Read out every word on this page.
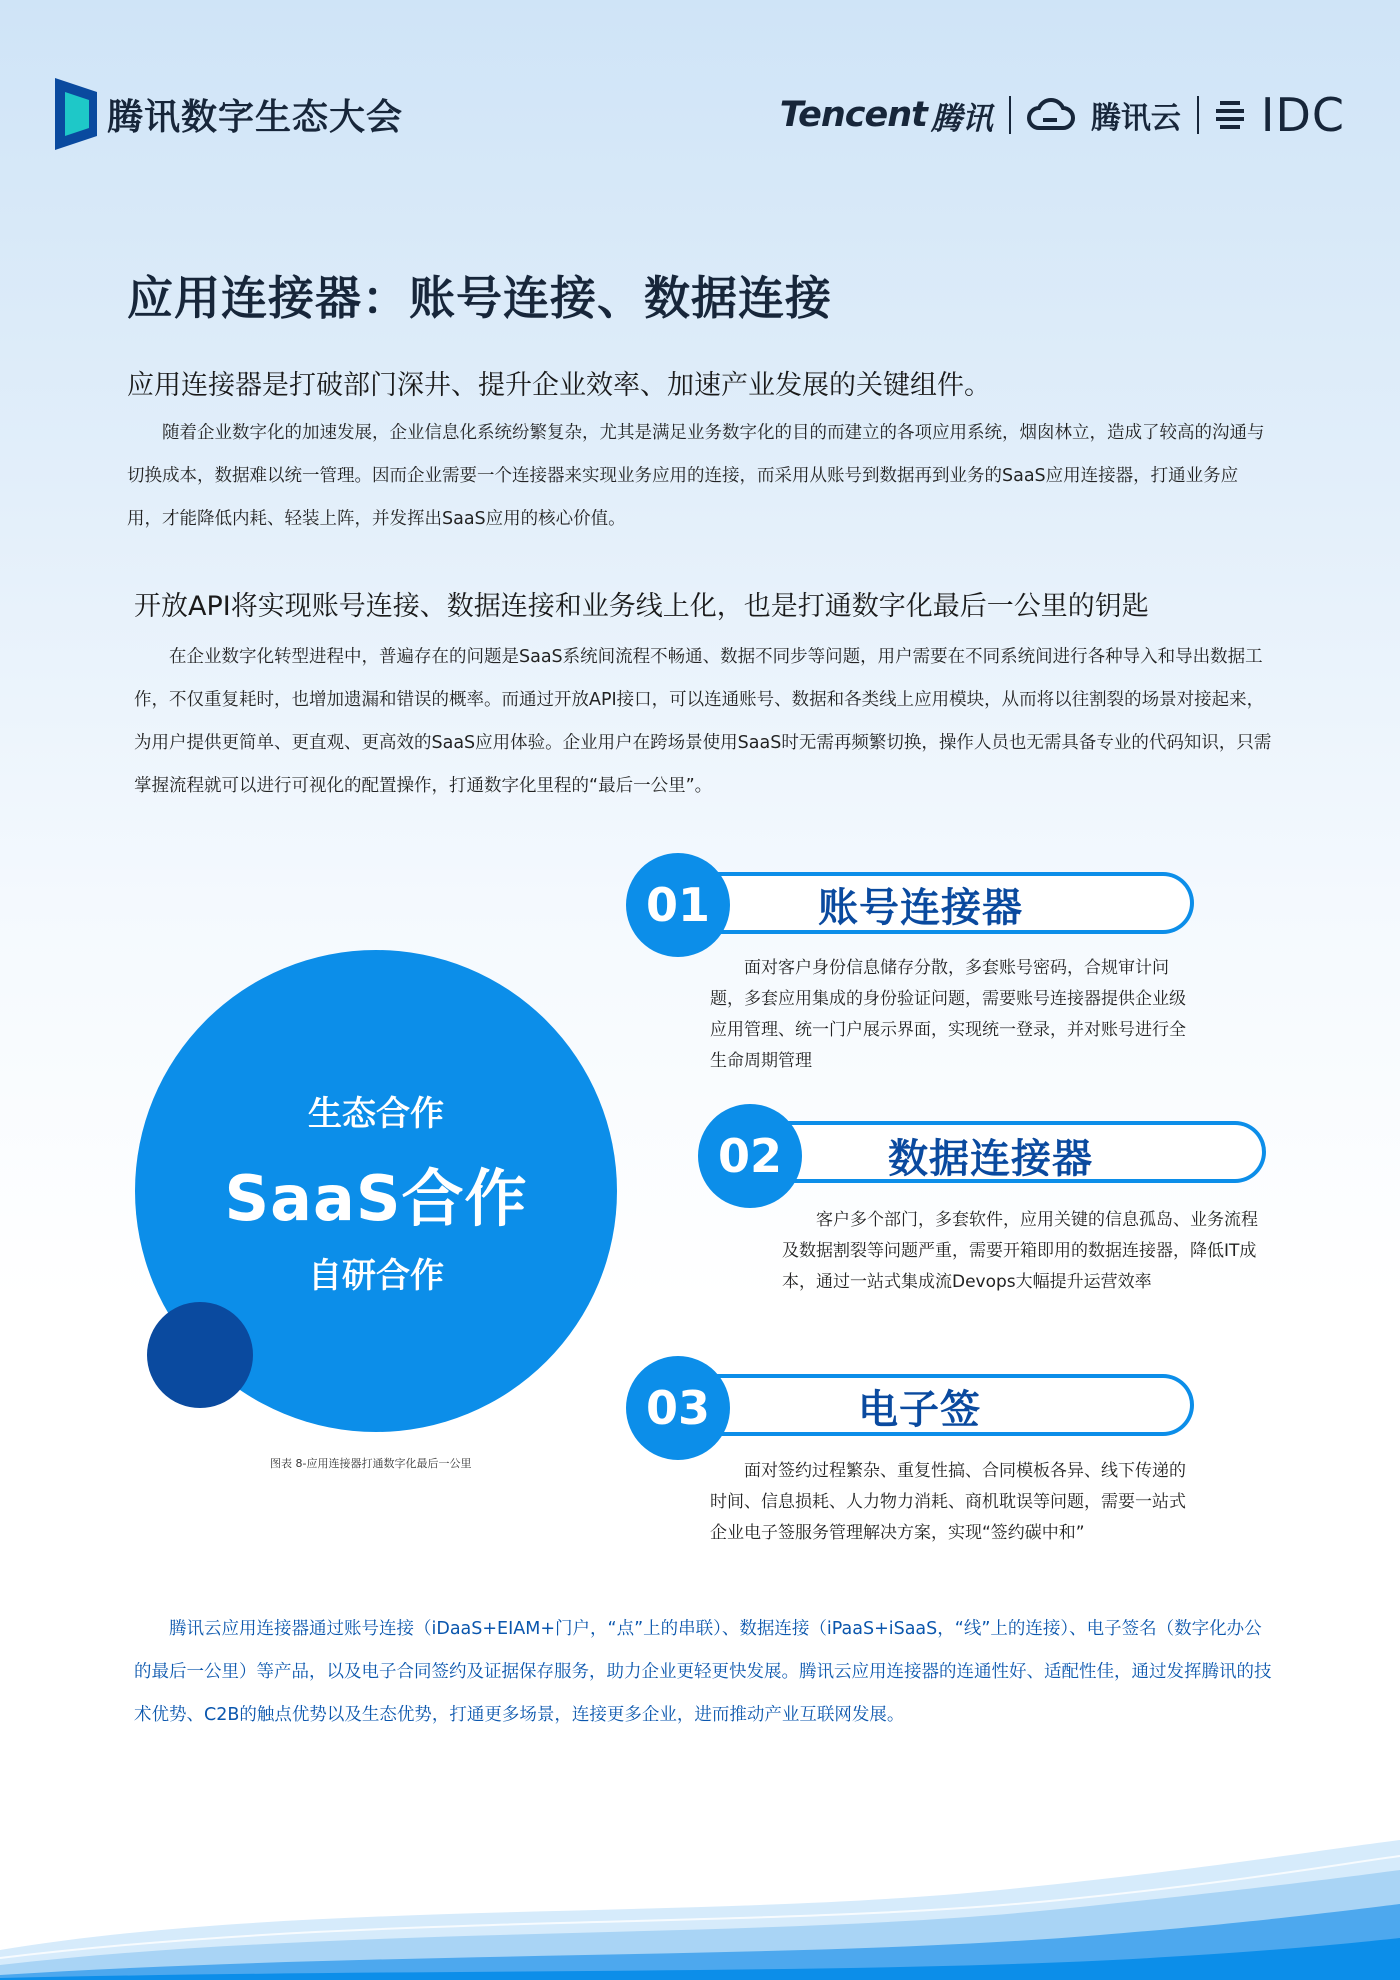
腾讯数字生态大会	Tencent 腾讯	腾讯云 IDC
应用连接器：账号连接、数据连接
应用连接器是打破部门深井、提升企业效率、加速产业发展的关键组件。
随着企业数字化的加速发展，企业信息化系统纷繁复杂，尤其是满足业务数字化的目的而建立的各项应用系统，烟囱林立，造成了较高的沟通与切换成本，数据难以统一管理。因而企业需要一个连接器来实现业务应用的连接，而采用从账号到数据再到业务的SaaS应用连接器，打通业务应用，才能降低内耗、轻装上阵，并发挥出SaaS应用的核心价值。
开放API将实现账号连接、数据连接和业务线上化，也是打通数字化最后一公里的钥匙
在企业数字化转型进程中，普遍存在的问题是SaaS系统间流程不畅通、数据不同步等问题，用户需要在不同系统间进行各种导入和导出数据工作，不仅重复耗时，也增加遗漏和错误的概率。而通过开放API接口，可以连通账号、数据和各类线上应用模块，从而将以往割裂的场景对接起来，为用户提供更简单、更直观、更高效的SaaS应用体验。企业用户在跨场景使用SaaS时无需再频繁切换，操作人员也无需具备专业的代码知识，只需掌握流程就可以进行可视化的配置操作，打通数字化里程的“最后一公里”。
生态合作
SaaS合作
自研合作
图表 8-应用连接器打通数字化最后一公里
01	账号连接器
面对客户身份信息储存分散，多套账号密码，合规审计问题，多套应用集成的身份验证问题，需要账号连接器提供企业级应用管理、统一门户展示界面，实现统一登录，并对账号进行全生命周期管理
02	数据连接器
客户多个部门，多套软件，应用关键的信息孤岛、业务流程及数据割裂等问题严重，需要开箱即用的数据连接器，降低IT成本，通过一站式集成流Devops大幅提升运营效率
03	电子签
面对签约过程繁杂、重复性搞、合同模板各异、线下传递的时间、信息损耗、人力物力消耗、商机耽误等问题，需要一站式企业电子签服务管理解决方案，实现“签约碳中和”
腾讯云应用连接器通过账号连接（iDaaS+EIAM+门户，“点”上的串联）、数据连接（iPaaS+iSaaS，“线”上的连接）、电子签名（数字化办公的最后一公里）等产品，以及电子合同签约及证据保存服务，助力企业更轻更快发展。腾讯云应用连接器的连通性好、适配性佳，通过发挥腾讯的技术优势、C2B的触点优势以及生态优势，打通更多场景，连接更多企业，进而推动产业互联网发展。
